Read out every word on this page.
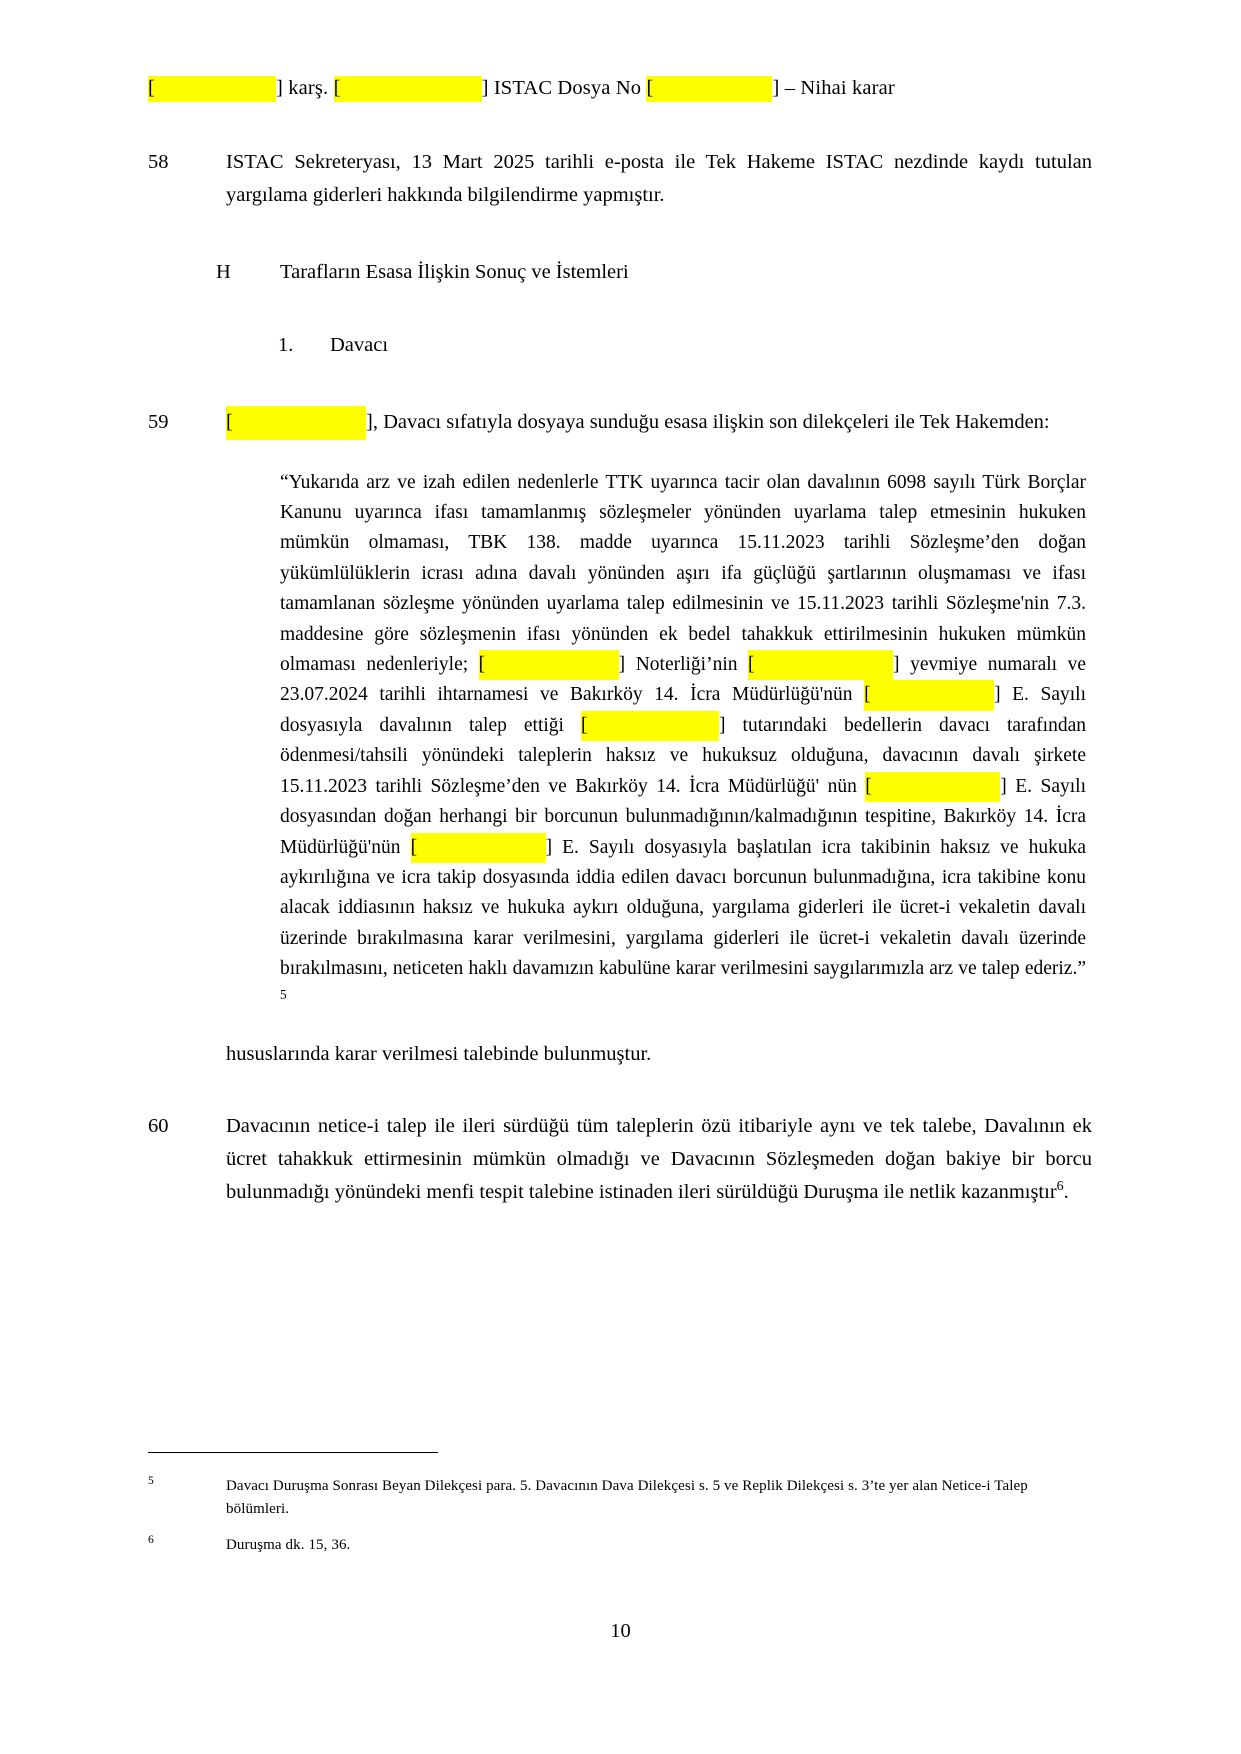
[	] karş. [	] ISTAC Dosya No [	] – Nihai karar
58	ISTAC Sekreteryası, 13 Mart 2025 tarihli e-posta ile Tek Hakeme ISTAC nezdinde kaydı tutulan yargılama giderleri hakkında bilgilendirme yapmıştır.
H Tarafların Esasa İlişkin Sonuç ve İstemleri
1. Davacı
59	[	], Davacı sıfatıyla dosyaya sunduğu esasa ilişkin son dilekçeleri ile Tek Hakemden:
“Yukarıda arz ve izah edilen nedenlerle TTK uyarınca tacir olan davalının 6098 sayılı Türk Borçlar Kanunu uyarınca ifası tamamlanmış sözleşmeler yönünden uyarlama talep etmesinin hukuken mümkün olmaması, TBK 138. madde uyarınca 15.11.2023 tarihli Sözleşme’den doğan yükümlülüklerin icrası adına davalı yönünden aşırı ifa güçlüğü şartlarının oluşmaması ve ifası tamamlanan sözleşme yönünden uyarlama talep edilmesinin ve 15.11.2023 tarihli Sözleşme'nin 7.3. maddesine göre sözleşmenin ifası yönünden ek bedel tahakkuk ettirilmesinin hukuken mümkün olmaması nedenleriyle; [	] Noterliği’nin [	] yevmiye numaralı ve 23.07.2024 tarihli ihtarnamesi ve Bakırköy 14. İcra Müdürlüğü'nün [	] E. Sayılı dosyasıyla davalının talep ettiği [	] tutarındaki bedellerin davacı tarafından ödenmesi/tahsili yönündeki taleplerin haksız ve hukuksuz olduğuna, davacının davalı şirkete 15.11.2023 tarihli Sözleşme’den ve Bakırköy 14. İcra Müdürlüğü' nün [	] E. Sayılı dosyasından doğan herhangi bir borcunun bulunmadığının/kalmadığının tespitine, Bakırköy 14. İcra Müdürlüğü'nün [	] E. Sayılı dosyasıyla başlatılan icra takibinin haksız ve hukuka aykırılığına ve icra takip dosyasında iddia edilen davacı borcunun bulunmadığına, icra takibine konu alacak iddiasının haksız ve hukuka aykırı olduğuna, yargılama giderleri ile ücret-i vekaletin davalı üzerinde bırakılmasına karar verilmesini, yargılama giderleri ile ücret-i vekaletin davalı üzerinde bırakılmasını, neticeten haklı davamızın kabulüne karar verilmesini saygılarımızla arz ve talep ederiz.” $^5$
hususlarında karar verilmesi talebinde bulunmuştur.
60	Davacının netice-i talep ile ileri sürdüğü tüm taleplerin özü itibariyle aynı ve tek talebe, Davalının ek ücret tahakkuk ettirmesinin mümkün olmadığı ve Davacının Sözleşmeden doğan bakiye bir borcu bulunmadığı yönündeki menfi tespit talebine istinaden ileri sürüldüğü Duruşma ile netlik kazanmıştır$^6$.
5	Davacı Duruşma Sonrası Beyan Dilekçesi para. 5. Davacının Dava Dilekçesi s. 5 ve Replik Dilekçesi s. 3’te yer alan Netice-i Talep bölümleri.
6	Duruşma dk. 15, 36.
10
